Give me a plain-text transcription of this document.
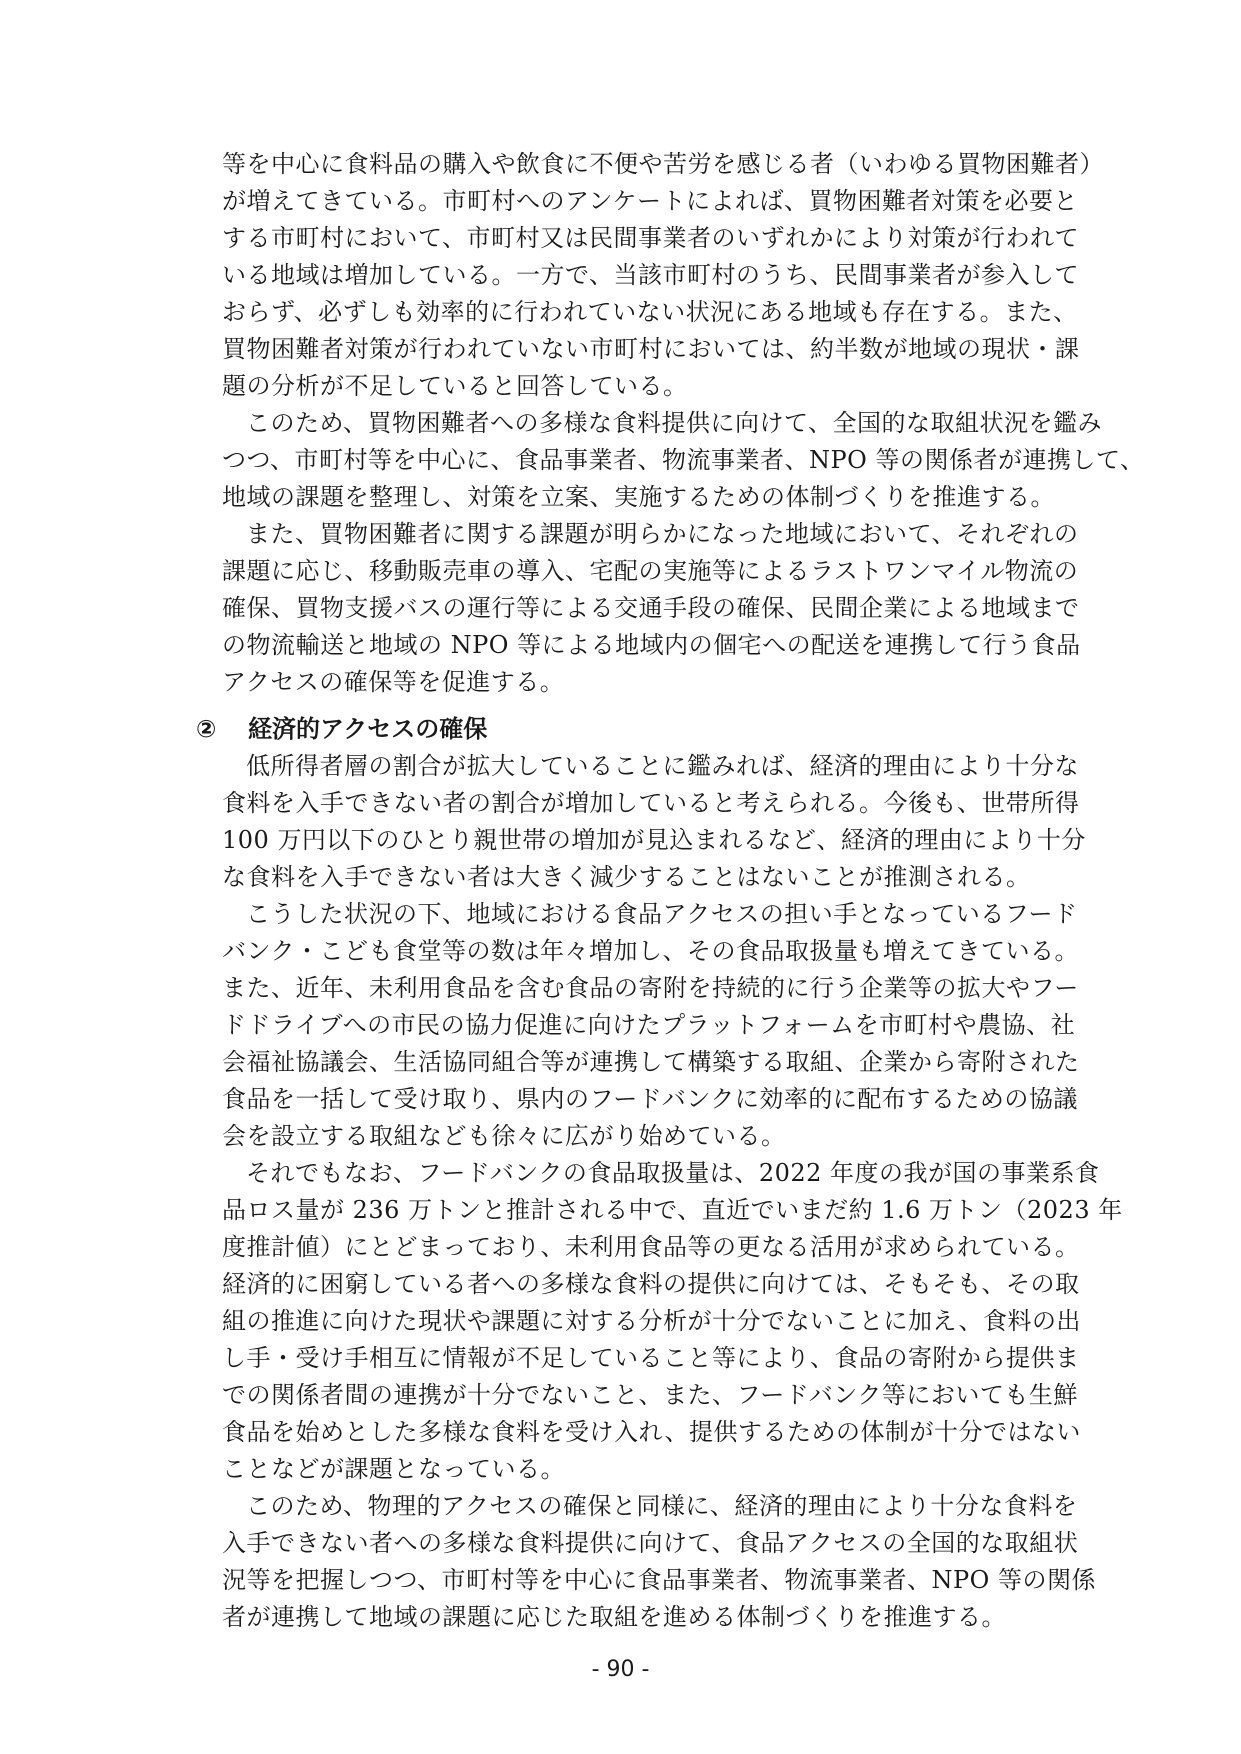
等を中心に食料品の購入や飲食に不便や苦労を感じる者（いわゆる買物困難者）
が増えてきている。市町村へのアンケートによれば、買物困難者対策を必要と
する市町村において、市町村又は民間事業者のいずれかにより対策が行われて
いる地域は増加している。一方で、当該市町村のうち、民間事業者が参入して
おらず、必ずしも効率的に行われていない状況にある地域も存在する。また、
買物困難者対策が行われていない市町村においては、約半数が地域の現状・課
題の分析が不足していると回答している。
このため、買物困難者への多様な食料提供に向けて、全国的な取組状況を鑑み
つつ、市町村等を中心に、食品事業者、物流事業者、NPO 等の関係者が連携して、
地域の課題を整理し、対策を立案、実施するための体制づくりを推進する。
また、買物困難者に関する課題が明らかになった地域において、それぞれの
課題に応じ、移動販売車の導入、宅配の実施等によるラストワンマイル物流の
確保、買物支援バスの運行等による交通手段の確保、民間企業による地域まで
の物流輸送と地域の NPO 等による地域内の個宅への配送を連携して行う食品
アクセスの確保等を促進する。
② 経済的アクセスの確保
低所得者層の割合が拡大していることに鑑みれば、経済的理由により十分な
食料を入手できない者の割合が増加していると考えられる。今後も、世帯所得
100 万円以下のひとり親世帯の増加が見込まれるなど、経済的理由により十分
な食料を入手できない者は大きく減少することはないことが推測される。
こうした状況の下、地域における食品アクセスの担い手となっているフード
バンク・こども食堂等の数は年々増加し、その食品取扱量も増えてきている。
また、近年、未利用食品を含む食品の寄附を持続的に行う企業等の拡大やフー
ドドライブへの市民の協力促進に向けたプラットフォームを市町村や農協、社
会福祉協議会、生活協同組合等が連携して構築する取組、企業から寄附された
食品を一括して受け取り、県内のフードバンクに効率的に配布するための協議
会を設立する取組なども徐々に広がり始めている。
それでもなお、フードバンクの食品取扱量は、2022 年度の我が国の事業系食
品ロス量が 236 万トンと推計される中で、直近でいまだ約 1.6 万トン（2023 年
度推計値）にとどまっており、未利用食品等の更なる活用が求められている。
経済的に困窮している者への多様な食料の提供に向けては、そもそも、その取
組の推進に向けた現状や課題に対する分析が十分でないことに加え、食料の出
し手・受け手相互に情報が不足していること等により、食品の寄附から提供ま
での関係者間の連携が十分でないこと、また、フードバンク等においても生鮮
食品を始めとした多様な食料を受け入れ、提供するための体制が十分ではない
ことなどが課題となっている。
このため、物理的アクセスの確保と同様に、経済的理由により十分な食料を
入手できない者への多様な食料提供に向けて、食品アクセスの全国的な取組状
況等を把握しつつ、市町村等を中心に食品事業者、物流事業者、NPO 等の関係
者が連携して地域の課題に応じた取組を進める体制づくりを推進する。
- 90 -
